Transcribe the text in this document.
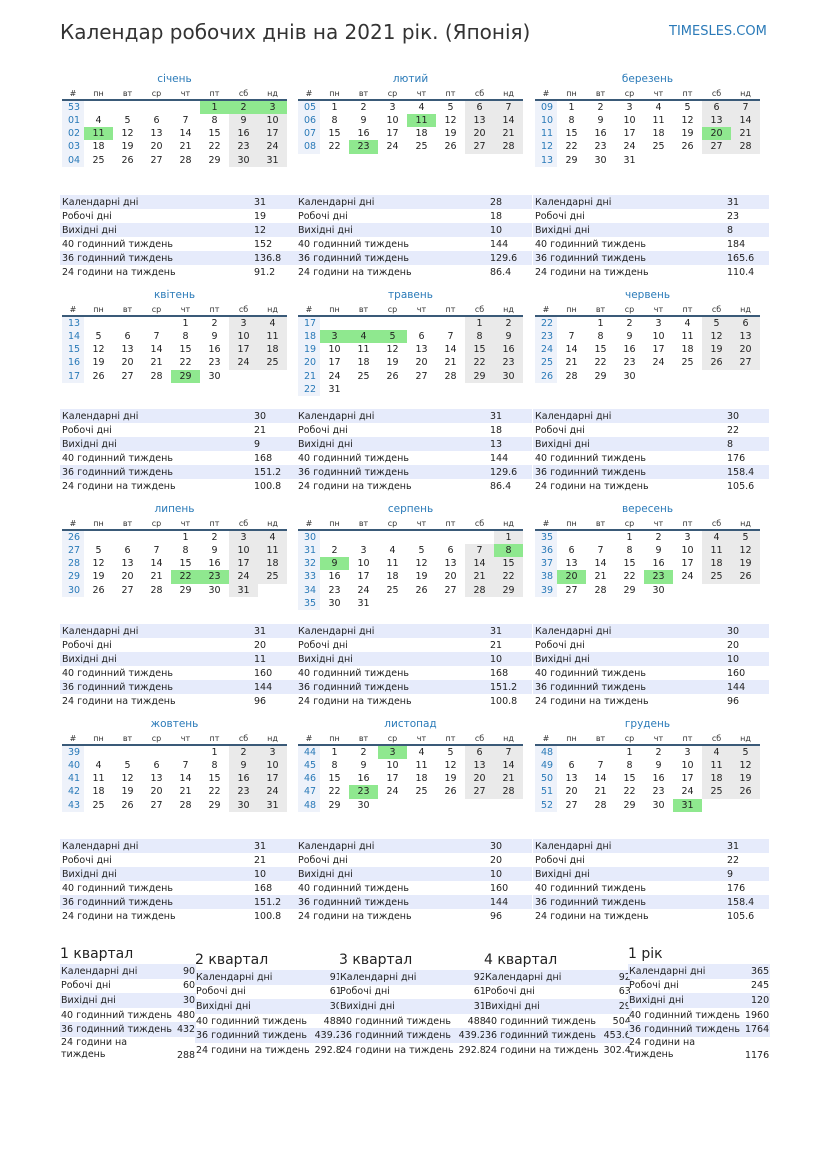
Календар робочих днів на 2021 рік. (Японія)	TIMESLES.COM
січень
#	пн	вт	ср	чт	пт	сб	нд
53					1	2	3
01	4	5	6	7	8	9	10
02	11	12	13	14	15	16	17
03	18	19	20	21	22	23	24
04	25	26	27	28	29	30	31
Календарні дні	31
Робочі дні	19
Вихідні дні	12
40 годинний тиждень	152
36 годинний тиждень	136.8
24 години на тиждень	91.2
лютий
#	пн	вт	ср	чт	пт	сб	нд
05	1	2	3	4	5	6	7
06	8	9	10	11	12	13	14
07	15	16	17	18	19	20	21
08	22	23	24	25	26	27	28
Календарні дні	28
Робочі дні	18
Вихідні дні	10
40 годинний тиждень	144
36 годинний тиждень	129.6
24 години на тиждень	86.4
березень
#	пн	вт	ср	чт	пт	сб	нд
09	1	2	3	4	5	6	7
10	8	9	10	11	12	13	14
11	15	16	17	18	19	20	21
12	22	23	24	25	26	27	28
13	29	30	31				
Календарні дні	31
Робочі дні	23
Вихідні дні	8
40 годинний тиждень	184
36 годинний тиждень	165.6
24 години на тиждень	110.4
квітень
#	пн	вт	ср	чт	пт	сб	нд
13				1	2	3	4
14	5	6	7	8	9	10	11
15	12	13	14	15	16	17	18
16	19	20	21	22	23	24	25
17	26	27	28	29	30		
Календарні дні	30
Робочі дні	21
Вихідні дні	9
40 годинний тиждень	168
36 годинний тиждень	151.2
24 години на тиждень	100.8
травень
#	пн	вт	ср	чт	пт	сб	нд
17						1	2
18	3	4	5	6	7	8	9
19	10	11	12	13	14	15	16
20	17	18	19	20	21	22	23
21	24	25	26	27	28	29	30
22	31						
Календарні дні	31
Робочі дні	18
Вихідні дні	13
40 годинний тиждень	144
36 годинний тиждень	129.6
24 години на тиждень	86.4
червень
#	пн	вт	ср	чт	пт	сб	нд
22		1	2	3	4	5	6
23	7	8	9	10	11	12	13
24	14	15	16	17	18	19	20
25	21	22	23	24	25	26	27
26	28	29	30				
Календарні дні	30
Робочі дні	22
Вихідні дні	8
40 годинний тиждень	176
36 годинний тиждень	158.4
24 години на тиждень	105.6
липень
#	пн	вт	ср	чт	пт	сб	нд
26				1	2	3	4
27	5	6	7	8	9	10	11
28	12	13	14	15	16	17	18
29	19	20	21	22	23	24	25
30	26	27	28	29	30	31	
Календарні дні	31
Робочі дні	20
Вихідні дні	11
40 годинний тиждень	160
36 годинний тиждень	144
24 години на тиждень	96
серпень
#	пн	вт	ср	чт	пт	сб	нд
30							1
31	2	3	4	5	6	7	8
32	9	10	11	12	13	14	15
33	16	17	18	19	20	21	22
34	23	24	25	26	27	28	29
35	30	31					
Календарні дні	31
Робочі дні	21
Вихідні дні	10
40 годинний тиждень	168
36 годинний тиждень	151.2
24 години на тиждень	100.8
вересень
#	пн	вт	ср	чт	пт	сб	нд
35			1	2	3	4	5
36	6	7	8	9	10	11	12
37	13	14	15	16	17	18	19
38	20	21	22	23	24	25	26
39	27	28	29	30			
Календарні дні	30
Робочі дні	20
Вихідні дні	10
40 годинний тиждень	160
36 годинний тиждень	144
24 години на тиждень	96
жовтень
#	пн	вт	ср	чт	пт	сб	нд
39					1	2	3
40	4	5	6	7	8	9	10
41	11	12	13	14	15	16	17
42	18	19	20	21	22	23	24
43	25	26	27	28	29	30	31
Календарні дні	31
Робочі дні	21
Вихідні дні	10
40 годинний тиждень	168
36 годинний тиждень	151.2
24 години на тиждень	100.8
листопад
#	пн	вт	ср	чт	пт	сб	нд
44	1	2	3	4	5	6	7
45	8	9	10	11	12	13	14
46	15	16	17	18	19	20	21
47	22	23	24	25	26	27	28
48	29	30					
Календарні дні	30
Робочі дні	20
Вихідні дні	10
40 годинний тиждень	160
36 годинний тиждень	144
24 години на тиждень	96
грудень
#	пн	вт	ср	чт	пт	сб	нд
48			1	2	3	4	5
49	6	7	8	9	10	11	12
50	13	14	15	16	17	18	19
51	20	21	22	23	24	25	26
52	27	28	29	30	31		
Календарні дні	31
Робочі дні	22
Вихідні дні	9
40 годинний тиждень	176
36 годинний тиждень	158.4
24 години на тиждень	105.6
1 квартал
Календарні дні	90
Робочі дні	60
Вихідні дні	30
40 годинний тиждень	480
36 годинний тиждень	432
24 години на тиждень	288
2 квартал
Календарні дні	91
Робочі дні	61
Вихідні дні	30
40 годинний тиждень	488
36 годинний тиждень	439.2
24 години на тиждень	292.8
3 квартал
Календарні дні	92
Робочі дні	61
Вихідні дні	31
40 годинний тиждень	488
36 годинний тиждень	439.2
24 години на тиждень	292.8
4 квартал
Календарні дні	92
Робочі дні	63
Вихідні дні	29
40 годинний тиждень	504
36 годинний тиждень	453.6
24 години на тиждень	302.4
1 рік
Календарні дні	365
Робочі дні	245
Вихідні дні	120
40 годинний тиждень	1960
36 годинний тиждень	1764
24 години на тиждень	1176
